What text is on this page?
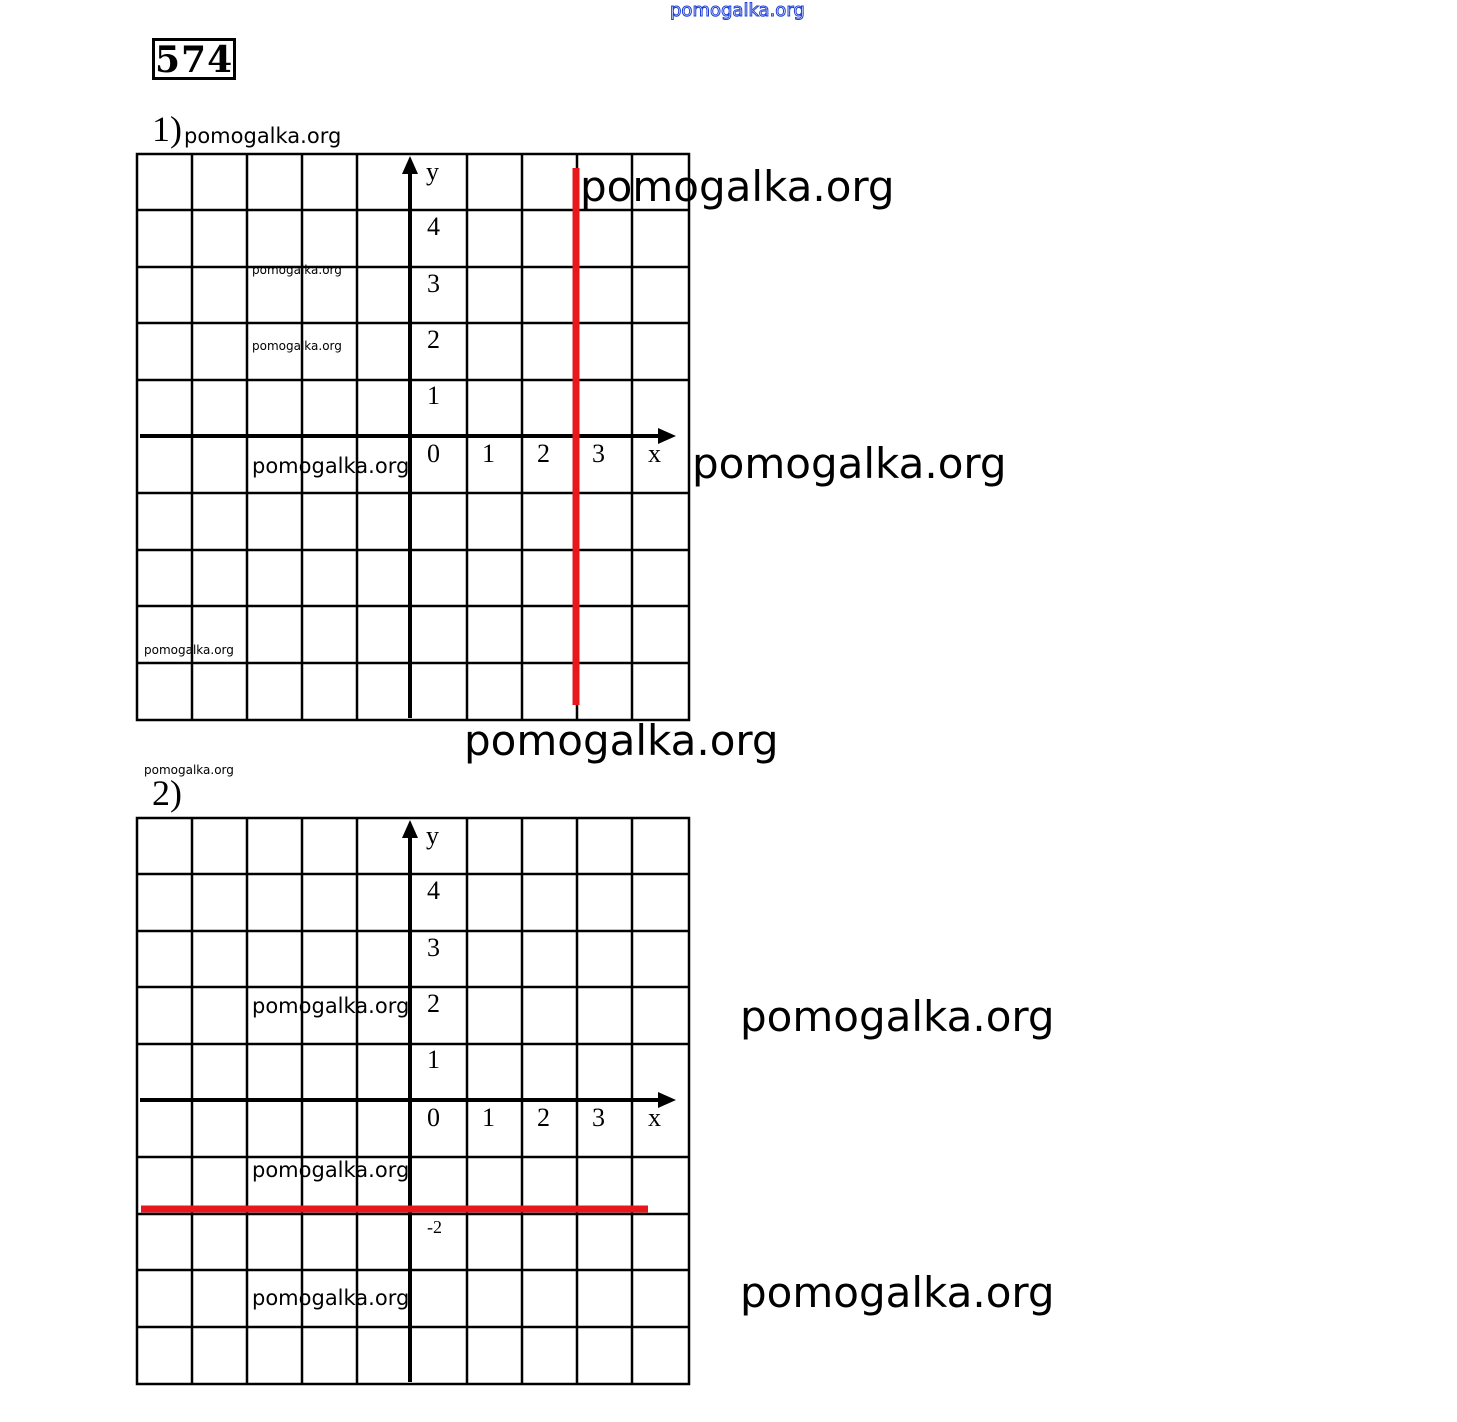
pomogalka.org
574
1)
2)
y
4
3
2
1
0 1 2 3 x
y
4
3
2
1
0 1 2 3 x
-2
pomogalka.org
pomogalka.org
pomogalka.org
pomogalka.org
pomogalka.org	pomogalka.org
pomogalka.org
pomogalka.org
pomogalka.org
pomogalka.org	pomogalka.org
pomogalka.org
pomogalka.org	pomogalka.org
